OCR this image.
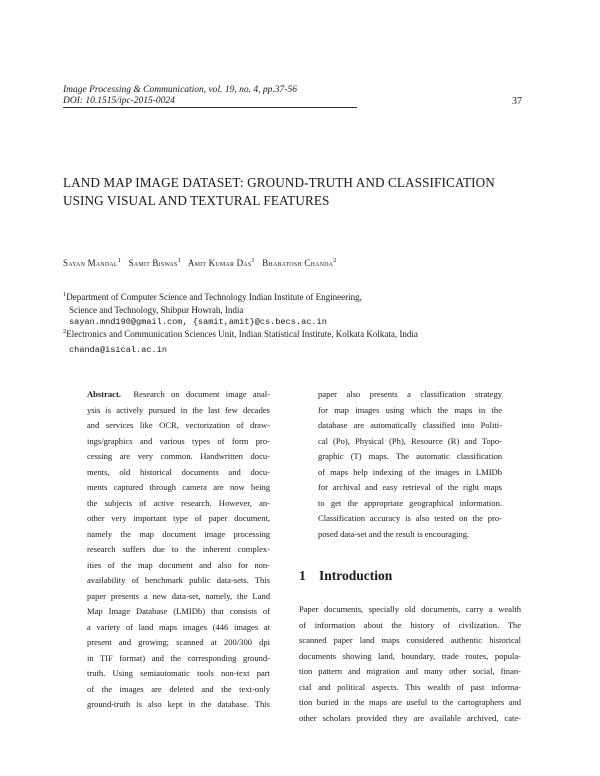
Image Processing & Communication, vol. 19, no. 4, pp.37-56
DOI: 10.1515/ipc-2015-0024	37
LAND MAP IMAGE DATASET: GROUND-TRUTH AND CLASSIFICATION
USING VISUAL AND TEXTURAL FEATURES
Sayan Mandal$^1$ Samit Biswas$^1$ Amit Kumar Das$^1$ Bhabatosh Chanda$^2$
$^1$Department of Computer Science and Technology Indian Institute of Engineering,
Science and Technology, Shibpur Howrah, India
sayan.mnd190@gmail.com, {samit,amit}@cs.becs.ac.in
$^2$Electronics and Communication Sciences Unit, Indian Statistical Institute, Kolkata Kolkata, India
chanda@isical.ac.in
Abstract. Research on document image anal-
ysis is actively pursued in the last few decades
and services like OCR, vectorization of draw-
ings/graphics and various types of form pro-
cessing are very common. Handwritten docu-
ments, old historical documents and docu-
ments captured through camera are now being
the subjects of active research. However, an-
other very important type of paper document,
namely the map document image processing
research suffers due to the inherent complex-
ities of the map document and also for non-
availability of benchmark public data-sets. This
paper presents a new data-set, namely, the Land
Map Image Database (LMIDb) that consists of
a variety of land maps images (446 images at
present and growing; scanned at 200/300 dpi
in TIF format) and the corresponding ground-
truth. Using semiautomatic tools non-text part
of the images are deleted and the text-only
ground-truth is also kept in the database. This
paper also presents a classification strategy
for map images using which the maps in the
database are automatically classified into Politi-
cal (Po), Physical (Ph), Resource (R) and Topo-
graphic (T) maps. The automatic classification
of maps help indexing of the images in LMIDb
for archival and easy retrieval of the right maps
to get the appropriate geographical information.
Classification accuracy is also tested on the pro-
posed data-set and the result is encouraging.
1 Introduction
Paper documents, specially old documents, carry a wealth
of information about the history of civilization. The
scanned paper land maps considered authentic historical
documents showing land, boundary, trade routes, popula-
tion pattern and migration and many other social, finan-
cial and political aspects. This wealth of past informa-
tion buried in the maps are useful to the cartographers and
other scholars provided they are available archived, cate-
